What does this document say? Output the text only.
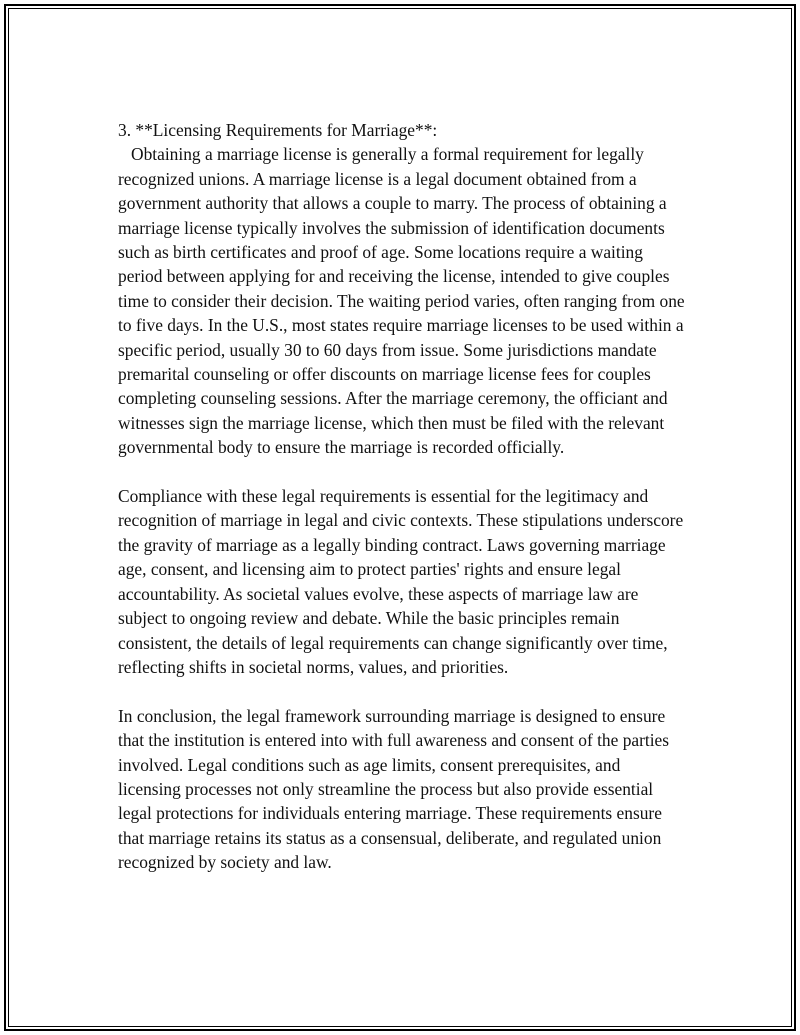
3. **Licensing Requirements for Marriage**:

Obtaining a marriage license is generally a formal requirement for legally recognized unions. A marriage license is a legal document obtained from a government authority that allows a couple to marry. The process of obtaining a marriage license typically involves the submission of identification documents such as birth certificates and proof of age. Some locations require a waiting period between applying for and receiving the license, intended to give couples time to consider their decision. The waiting period varies, often ranging from one to five days. In the U.S., most states require marriage licenses to be used within a specific period, usually 30 to 60 days from issue. Some jurisdictions mandate premarital counseling or offer discounts on marriage license fees for couples completing counseling sessions. After the marriage ceremony, the officiant and witnesses sign the marriage license, which then must be filed with the relevant governmental body to ensure the marriage is recorded officially.

Compliance with these legal requirements is essential for the legitimacy and recognition of marriage in legal and civic contexts. These stipulations underscore the gravity of marriage as a legally binding contract. Laws governing marriage age, consent, and licensing aim to protect parties' rights and ensure legal accountability. As societal values evolve, these aspects of marriage law are subject to ongoing review and debate. While the basic principles remain consistent, the details of legal requirements can change significantly over time, reflecting shifts in societal norms, values, and priorities.

In conclusion, the legal framework surrounding marriage is designed to ensure that the institution is entered into with full awareness and consent of the parties involved. Legal conditions such as age limits, consent prerequisites, and licensing processes not only streamline the process but also provide essential legal protections for individuals entering marriage. These requirements ensure that marriage retains its status as a consensual, deliberate, and regulated union recognized by society and law.
